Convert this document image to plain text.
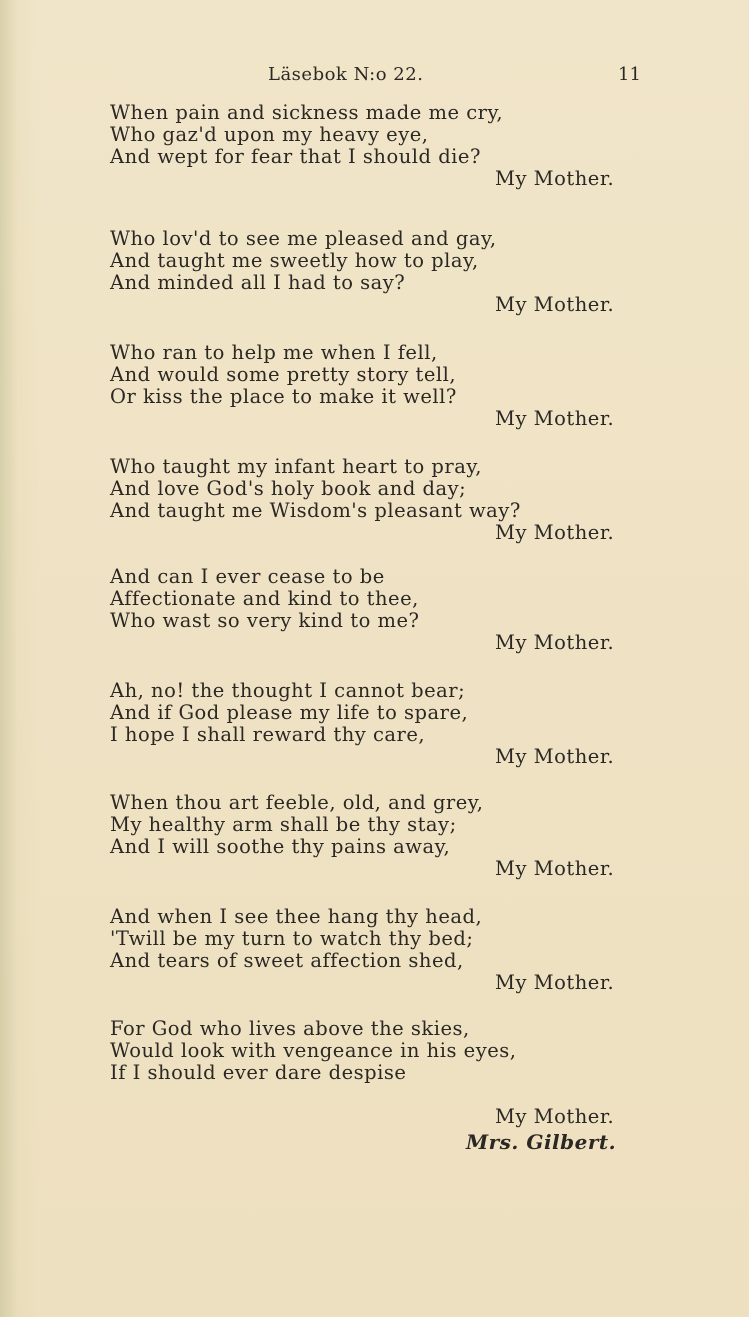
Läsebok N:o 22.	11
When pain and sickness made me cry,
Who gaz'd upon my heavy eye,
And wept for fear that I should die?
My Mother.
Who lov'd to see me pleased and gay,
And taught me sweetly how to play,
And minded all I had to say?
My Mother.
Who ran to help me when I fell,
And would some pretty story tell,
Or kiss the place to make it well?
My Mother.
Who taught my infant heart to pray,
And love God's holy book and day;
And taught me Wisdom's pleasant way?
My Mother.
And can I ever cease to be
Affectionate and kind to thee,
Who wast so very kind to me?
My Mother.
Ah, no! the thought I cannot bear;
And if God please my life to spare,
I hope I shall reward thy care,
My Mother.
When thou art feeble, old, and grey,
My healthy arm shall be thy stay;
And I will soothe thy pains away,
My Mother.
And when I see thee hang thy head,
'Twill be my turn to watch thy bed;
And tears of sweet affection shed,
My Mother.
For God who lives above the skies,
Would look with vengeance in his eyes,
If I should ever dare despise
My Mother.
Mrs. Gilbert.
